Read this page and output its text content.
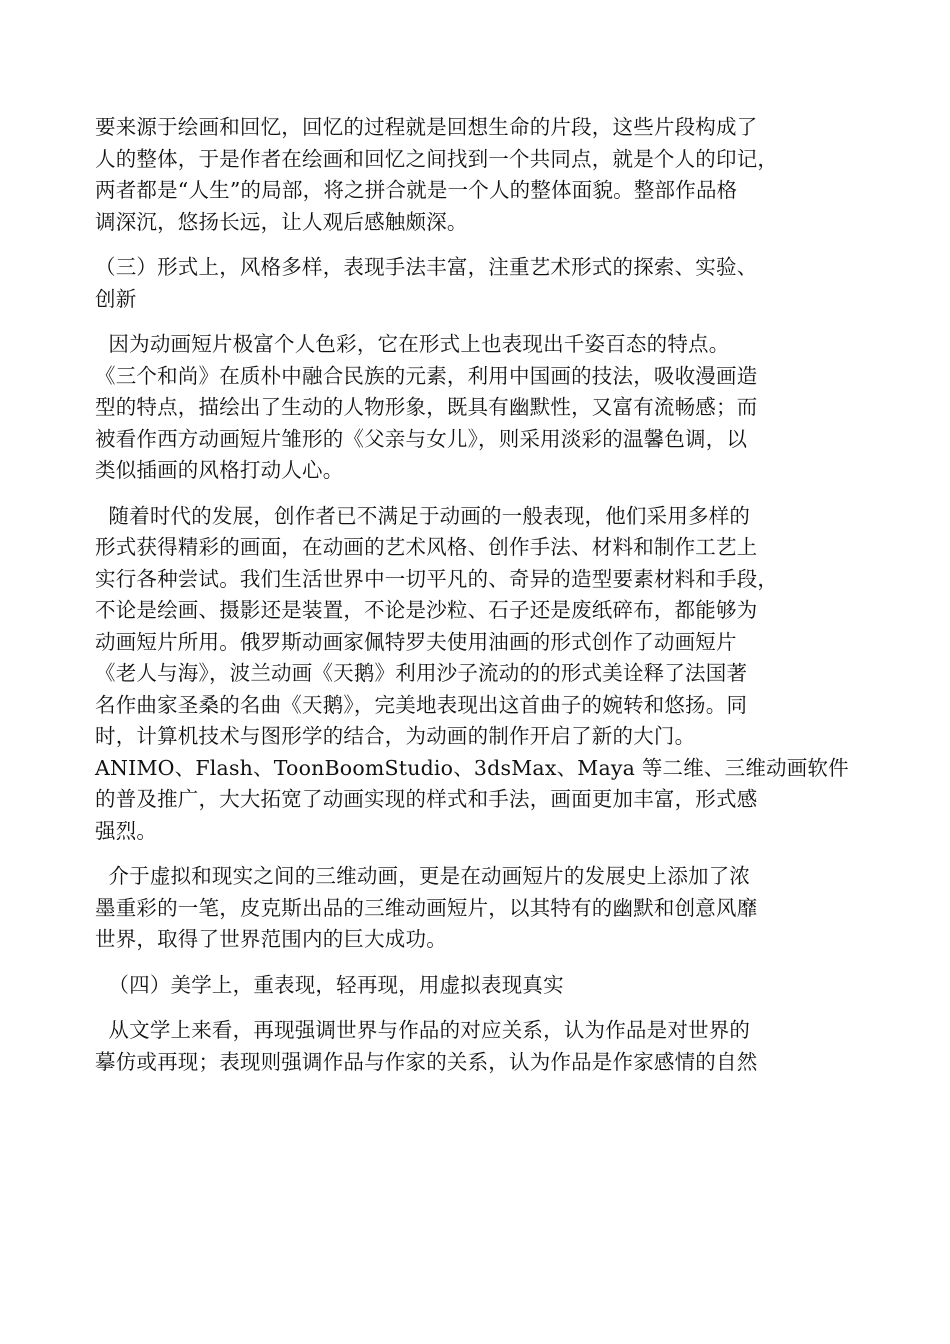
要来源于绘画和回忆，回忆的过程就是回想生命的片段，这些片段构成了
人的整体，于是作者在绘画和回忆之间找到一个共同点，就是个人的印记，
两者都是“人生”的局部，将之拼合就是一个人的整体面貌。整部作品格
调深沉，悠扬长远，让人观后感触颇深。

（三）形式上，风格多样，表现手法丰富，注重艺术形式的探索、实验、
创新

因为动画短片极富个人色彩，它在形式上也表现出千姿百态的特点。
《三个和尚》在质朴中融合民族的元素，利用中国画的技法，吸收漫画造
型的特点，描绘出了生动的人物形象，既具有幽默性，又富有流畅感；而
被看作西方动画短片雏形的《父亲与女儿》，则采用淡彩的温馨色调，以
类似插画的风格打动人心。

随着时代的发展，创作者已不满足于动画的一般表现，他们采用多样的
形式获得精彩的画面，在动画的艺术风格、创作手法、材料和制作工艺上
实行各种尝试。我们生活世界中一切平凡的、奇异的造型要素材料和手段，
不论是绘画、摄影还是装置，不论是沙粒、石子还是废纸碎布，都能够为
动画短片所用。俄罗斯动画家佩特罗夫使用油画的形式创作了动画短片
《老人与海》，波兰动画《天鹅》利用沙子流动的的形式美诠释了法国著
名作曲家圣桑的名曲《天鹅》，完美地表现出这首曲子的婉转和悠扬。同
时，计算机技术与图形学的结合，为动画的制作开启了新的大门。
ANIMO、Flash、ToonBoomStudio、3dsMax、Maya 等二维、三维动画软件
的普及推广，大大拓宽了动画实现的样式和手法，画面更加丰富，形式感
强烈。

介于虚拟和现实之间的三维动画，更是在动画短片的发展史上添加了浓
墨重彩的一笔，皮克斯出品的三维动画短片，以其特有的幽默和创意风靡
世界，取得了世界范围内的巨大成功。

（四）美学上，重表现，轻再现，用虚拟表现真实

从文学上来看，再现强调世界与作品的对应关系，认为作品是对世界的
摹仿或再现；表现则强调作品与作家的关系，认为作品是作家感情的自然
